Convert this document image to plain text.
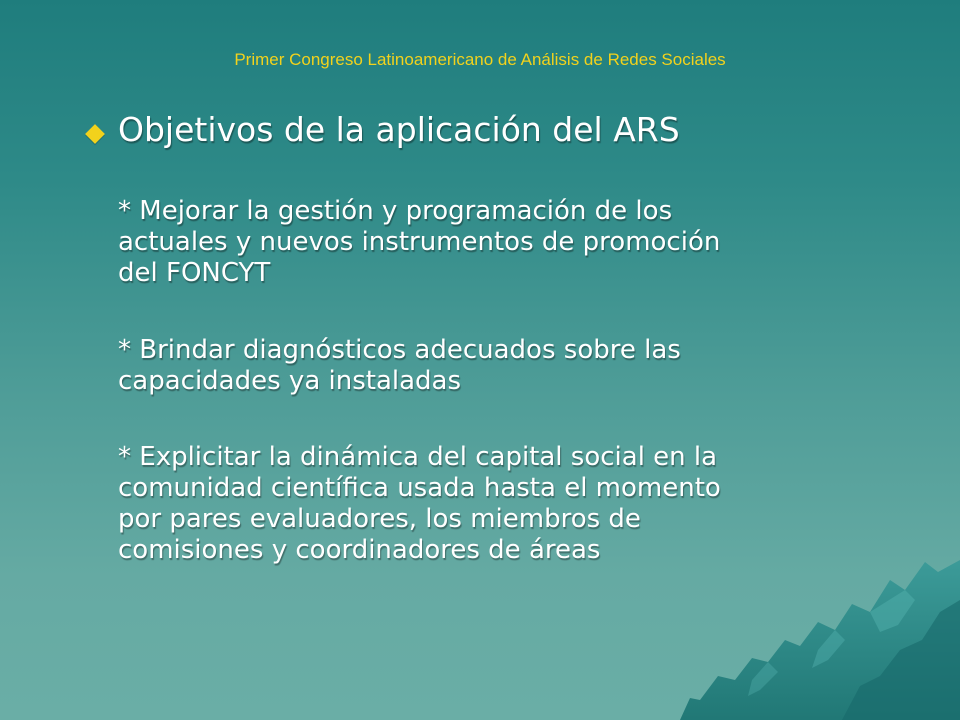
Primer Congreso Latinoamericano de Análisis de Redes Sociales
Objetivos de la aplicación del ARS
* Mejorar la gestión y programación de los
actuales y nuevos instrumentos de promoción
del FONCYT
* Brindar diagnósticos adecuados sobre las
capacidades ya instaladas
* Explicitar la dinámica del capital social en la
comunidad científica usada hasta el momento
por pares evaluadores, los miembros de
comisiones y coordinadores de áreas
